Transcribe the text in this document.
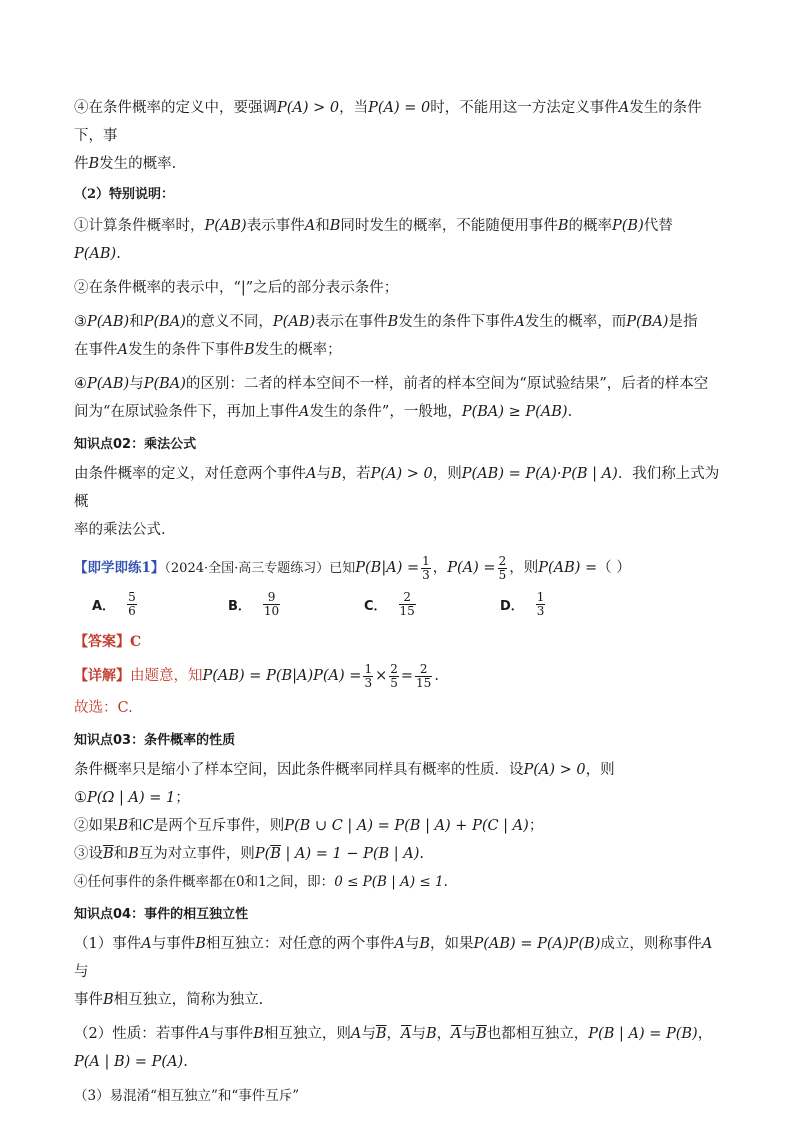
④在条件概率的定义中，要强调P(A) > 0，当P(A) = 0时，不能用这一方法定义事件A发生的条件下，事

件B发生的概率.

（2）特别说明：

①计算条件概率时，P(AB)表示事件A和B同时发生的概率，不能随便用事件B的概率P(B)代替

P(AB).

②在条件概率的表示中，“|”之后的部分表示条件；

③P(AB)和P(BA)的意义不同，P(AB)表示在事件B发生的条件下事件A发生的概率，而P(BA)是指

在事件A发生的条件下事件B发生的概率；

④P(AB)与P(BA)的区别：二者的样本空间不一样，前者的样本空间为“原试验结果”，后者的样本空

间为“在原试验条件下，再加上事件A发生的条件”，一般地，P(BA) ≥ P(AB).

知识点02：乘法公式

由条件概率的定义，对任意两个事件A与B，若P(A) > 0，则P(AB) = P(A)·P(B | A)．我们称上式为概

率的乘法公式．

【即学即练1】（2024·全国·高三专题练习）已知$P(B|A) = \frac{1}{3}$ ，$P(A) = \frac{2}{5}$ ，则P(AB) =（ ）

A． $\frac{5}{6}$	B． $\frac{9}{10}$	C． $\frac{2}{15}$	D． $\frac{1}{3}$

【答案】C

【详解】由题意，知$P(AB) = P(B|A)P(A) = \frac{1}{3} \times \frac{2}{5} = \frac{2}{15}$ .

故选：C.

知识点03：条件概率的性质

条件概率只是缩小了样本空间，因此条件概率同样具有概率的性质．设P(A) > 0，则

①P(Ω | A) = 1；

②如果B和C是两个互斥事件，则P(B ∪ C | A) = P(B | A) + P(C | A)；

③设$\overline{B}$和B互为对立事件，则$P(\overline{B}$ | A) = 1 − P(B | A).

④任何事件的条件概率都在0和1之间，即：0 ≤ P(B | A) ≤ 1.

知识点04：事件的相互独立性

（1）事件A与事件B相互独立：对任意的两个事件A与B，如果P(AB) = P(A)P(B)成立，则称事件A与

事件B相互独立，简称为独立.

（2）性质：若事件A与事件B相互独立，则A与$\overline{B}$，$\overline{A}$与B，$\overline{A}$与$\overline{B}$也都相互独立，P(B | A) = P(B)，

P(A | B) = P(A).

（3）易混淆“相互独立”和“事件互斥”
